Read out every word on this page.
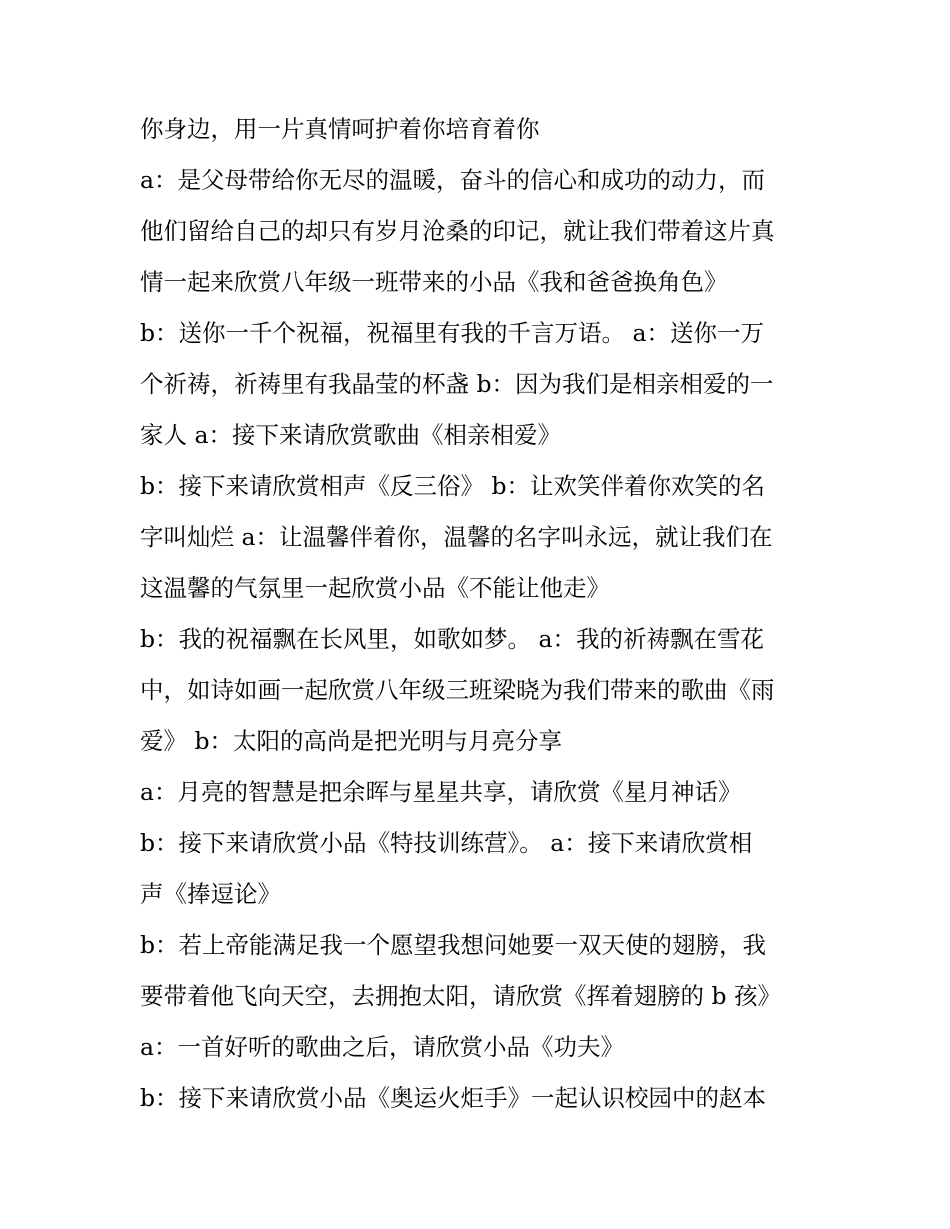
你身边，用一片真情呵护着你培育着你
a：是父母带给你无尽的温暖，奋斗的信心和成功的动力，而
他们留给自己的却只有岁月沧桑的印记，就让我们带着这片真
情一起来欣赏八年级一班带来的小品《我和爸爸换角色》
b：送你一千个祝福，祝福里有我的千言万语。 a：送你一万
个祈祷，祈祷里有我晶莹的杯盏 b：因为我们是相亲相爱的一
家人 a：接下来请欣赏歌曲《相亲相爱》
b：接下来请欣赏相声《反三俗》 b：让欢笑伴着你欢笑的名
字叫灿烂 a：让温馨伴着你，温馨的名字叫永远，就让我们在
这温馨的气氛里一起欣赏小品《不能让他走》
b：我的祝福飘在长风里，如歌如梦。 a：我的祈祷飘在雪花
中，如诗如画一起欣赏八年级三班梁晓为我们带来的歌曲《雨
爱》 b：太阳的高尚是把光明与月亮分享
a：月亮的智慧是把余晖与星星共享，请欣赏《星月神话》
b：接下来请欣赏小品《特技训练营》。 a：接下来请欣赏相
声《捧逗论》
b：若上帝能满足我一个愿望我想问她要一双天使的翅膀，我
要带着他飞向天空，去拥抱太阳，请欣赏《挥着翅膀的 b 孩》
a：一首好听的歌曲之后，请欣赏小品《功夫》
b：接下来请欣赏小品《奥运火炬手》一起认识校园中的赵本
